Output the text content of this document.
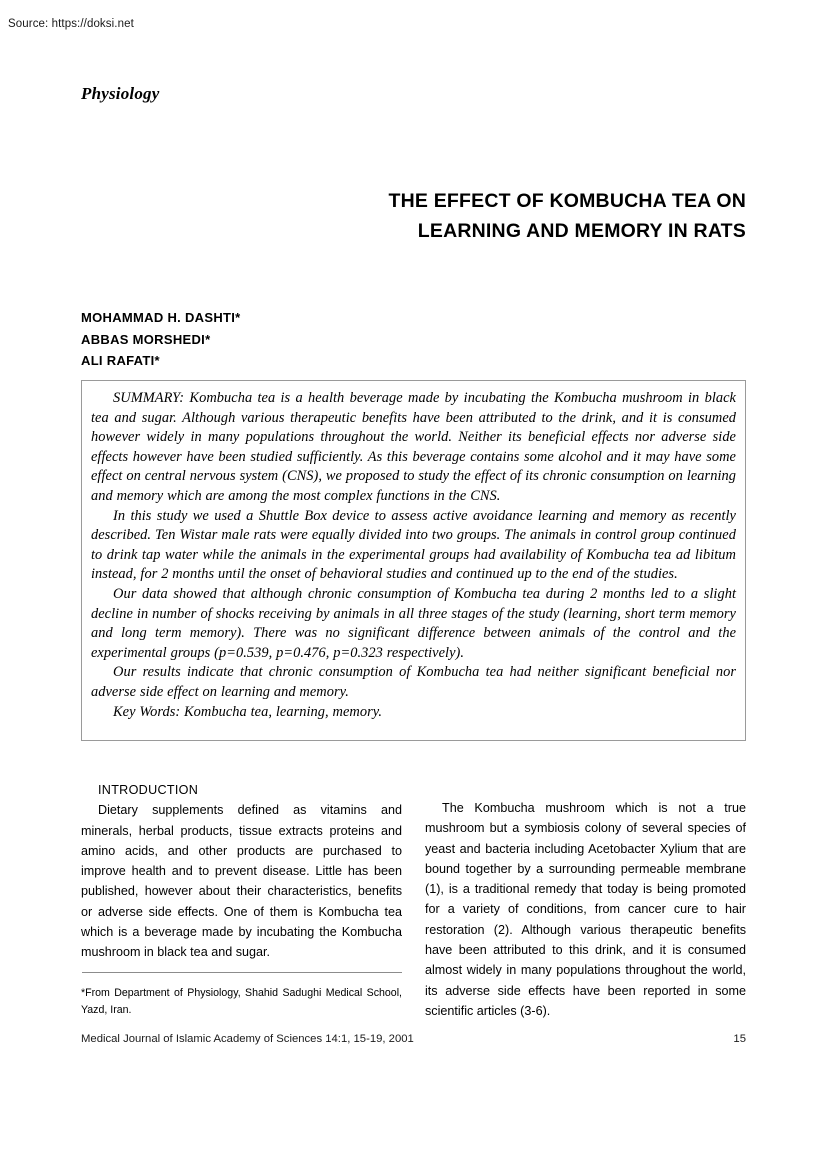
Source: https://doksi.net
Physiology
THE EFFECT OF KOMBUCHA TEA ON
LEARNING AND MEMORY IN RATS
MOHAMMAD H. DASHTI*
ABBAS MORSHEDI*
ALI RAFATI*

SUMMARY: Kombucha tea is a health beverage made by incubating the Kombucha mushroom in black tea and sugar. Although various therapeutic benefits have been attributed to the drink, and it is consumed however widely in many populations throughout the world. Neither its beneficial effects nor adverse side effects however have been studied sufficiently. As this beverage contains some alcohol and it may have some effect on central nervous system (CNS), we proposed to study the effect of its chronic consumption on learning and memory which are among the most complex functions in the CNS.

In this study we used a Shuttle Box device to assess active avoidance learning and memory as recently described. Ten Wistar male rats were equally divided into two groups. The animals in control group continued to drink tap water while the animals in the experimental groups had availability of Kombucha tea ad libitum instead, for 2 months until the onset of behavioral studies and continued up to the end of the studies.

Our data showed that although chronic consumption of Kombucha tea during 2 months led to a slight decline in number of shocks receiving by animals in all three stages of the study (learning, short term memory and long term memory). There was no significant difference between animals of the control and the experimental groups (p=0.539, p=0.476, p=0.323 respectively).

Our results indicate that chronic consumption of Kombucha tea had neither significant beneficial nor adverse side effect on learning and memory.

Key Words: Kombucha tea, learning, memory.

INTRODUCTION

Dietary supplements defined as vitamins and minerals, herbal products, tissue extracts proteins and amino acids, and other products are purchased to improve health and to prevent disease. Little has been published, however about their characteristics, benefits or adverse side effects. One of them is Kombucha tea which is a beverage made by incubating the Kombucha mushroom in black tea and sugar.

The Kombucha mushroom which is not a true mushroom but a symbiosis colony of several species of yeast and bacteria including Acetobacter Xylium that are bound together by a surrounding permeable membrane (1), is a traditional remedy that today is being promoted for a variety of conditions, from cancer cure to hair restoration (2). Although various therapeutic benefits have been attributed to this drink, and it is consumed almost widely in many populations throughout the world, its adverse side effects have been reported in some scientific articles (3-6).

*From Department of Physiology, Shahid Sadughi Medical School, Yazd, Iran.

Medical Journal of Islamic Academy of Sciences 14:1, 15-19, 2001	15
